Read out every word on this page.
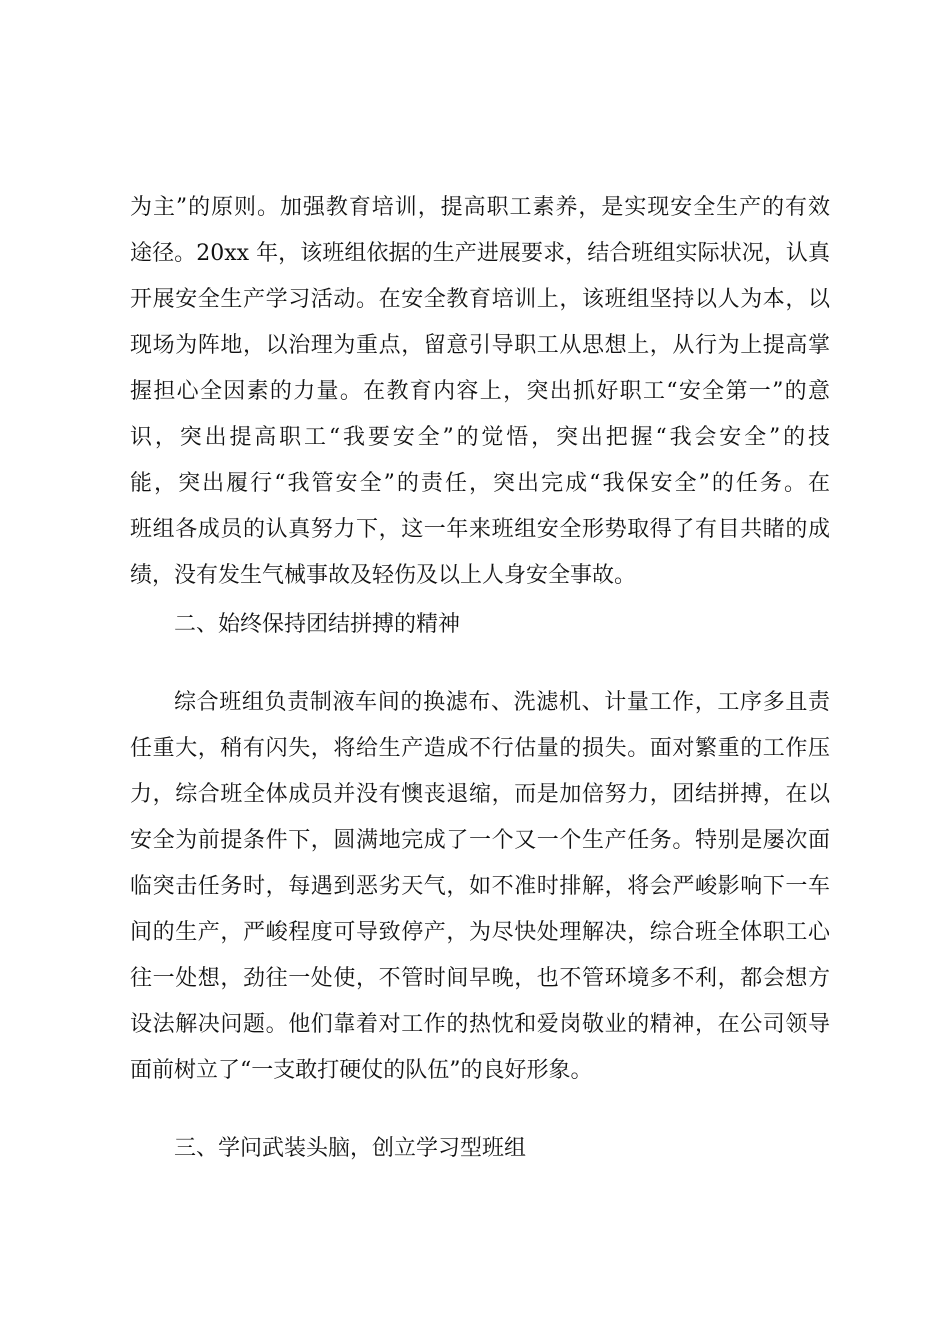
为主”的原则。加强教育培训，提高职工素养，是实现安全生产的有效
途径。20xx 年，该班组依据的生产进展要求，结合班组实际状况，认真
开展安全生产学习活动。在安全教育培训上，该班组坚持以人为本，以
现场为阵地，以治理为重点，留意引导职工从思想上，从行为上提高掌
握担心全因素的力量。在教育内容上，突出抓好职工“安全第一”的意
识，突出提高职工“我要安全”的觉悟，突出把握“我会安全”的技
能，突出履行“我管安全”的责任，突出完成“我保安全”的任务。在
班组各成员的认真努力下，这一年来班组安全形势取得了有目共睹的成
绩，没有发生气械事故及轻伤及以上人身安全事故。
二、始终保持团结拼搏的精神
综合班组负责制液车间的换滤布、洗滤机、计量工作，工序多且责
任重大，稍有闪失，将给生产造成不行估量的损失。面对繁重的工作压
力，综合班全体成员并没有懊丧退缩，而是加倍努力，团结拼搏，在以
安全为前提条件下，圆满地完成了一个又一个生产任务。特别是屡次面
临突击任务时，每遇到恶劣天气，如不准时排解，将会严峻影响下一车
间的生产，严峻程度可导致停产，为尽快处理解决，综合班全体职工心
往一处想，劲往一处使，不管时间早晚，也不管环境多不利，都会想方
设法解决问题。他们靠着对工作的热忱和爱岗敬业的精神，在公司领导
面前树立了“一支敢打硬仗的队伍”的良好形象。
三、学问武装头脑，创立学习型班组
